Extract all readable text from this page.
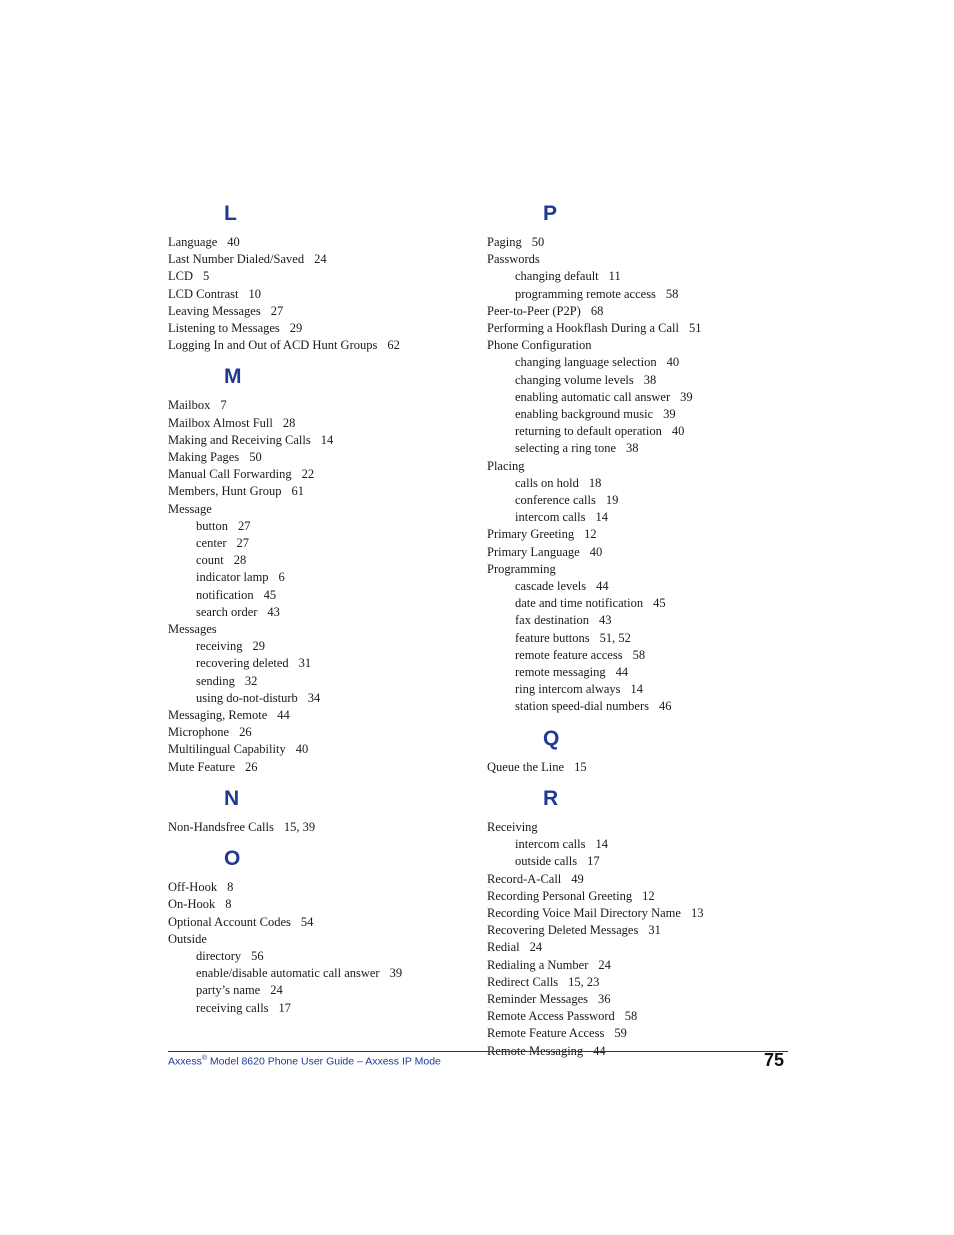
L
Language 40
Last Number Dialed/Saved 24
LCD 5
LCD Contrast 10
Leaving Messages 27
Listening to Messages 29
Logging In and Out of ACD Hunt Groups 62
M
Mailbox 7
Mailbox Almost Full 28
Making and Receiving Calls 14
Making Pages 50
Manual Call Forwarding 22
Members, Hunt Group 61
Message
button 27
center 27
count 28
indicator lamp 6
notification 45
search order 43
Messages
receiving 29
recovering deleted 31
sending 32
using do-not-disturb 34
Messaging, Remote 44
Microphone 26
Multilingual Capability 40
Mute Feature 26
N
Non-Handsfree Calls 15, 39
O
Off-Hook 8
On-Hook 8
Optional Account Codes 54
Outside
directory 56
enable/disable automatic call answer 39
party’s name 24
receiving calls 17
P
Paging 50
Passwords
changing default 11
programming remote access 58
Peer-to-Peer (P2P) 68
Performing a Hookflash During a Call 51
Phone Configuration
changing language selection 40
changing volume levels 38
enabling automatic call answer 39
enabling background music 39
returning to default operation 40
selecting a ring tone 38
Placing
calls on hold 18
conference calls 19
intercom calls 14
Primary Greeting 12
Primary Language 40
Programming
cascade levels 44
date and time notification 45
fax destination 43
feature buttons 51, 52
remote feature access 58
remote messaging 44
ring intercom always 14
station speed-dial numbers 46
Q
Queue the Line 15
R
Receiving
intercom calls 14
outside calls 17
Record-A-Call 49
Recording Personal Greeting 12
Recording Voice Mail Directory Name 13
Recovering Deleted Messages 31
Redial 24
Redialing a Number 24
Redirect Calls 15, 23
Reminder Messages 36
Remote Access Password 58
Remote Feature Access 59
Remote Messaging 44
Axxess® Model 8620 Phone User Guide – Axxess IP Mode	75
